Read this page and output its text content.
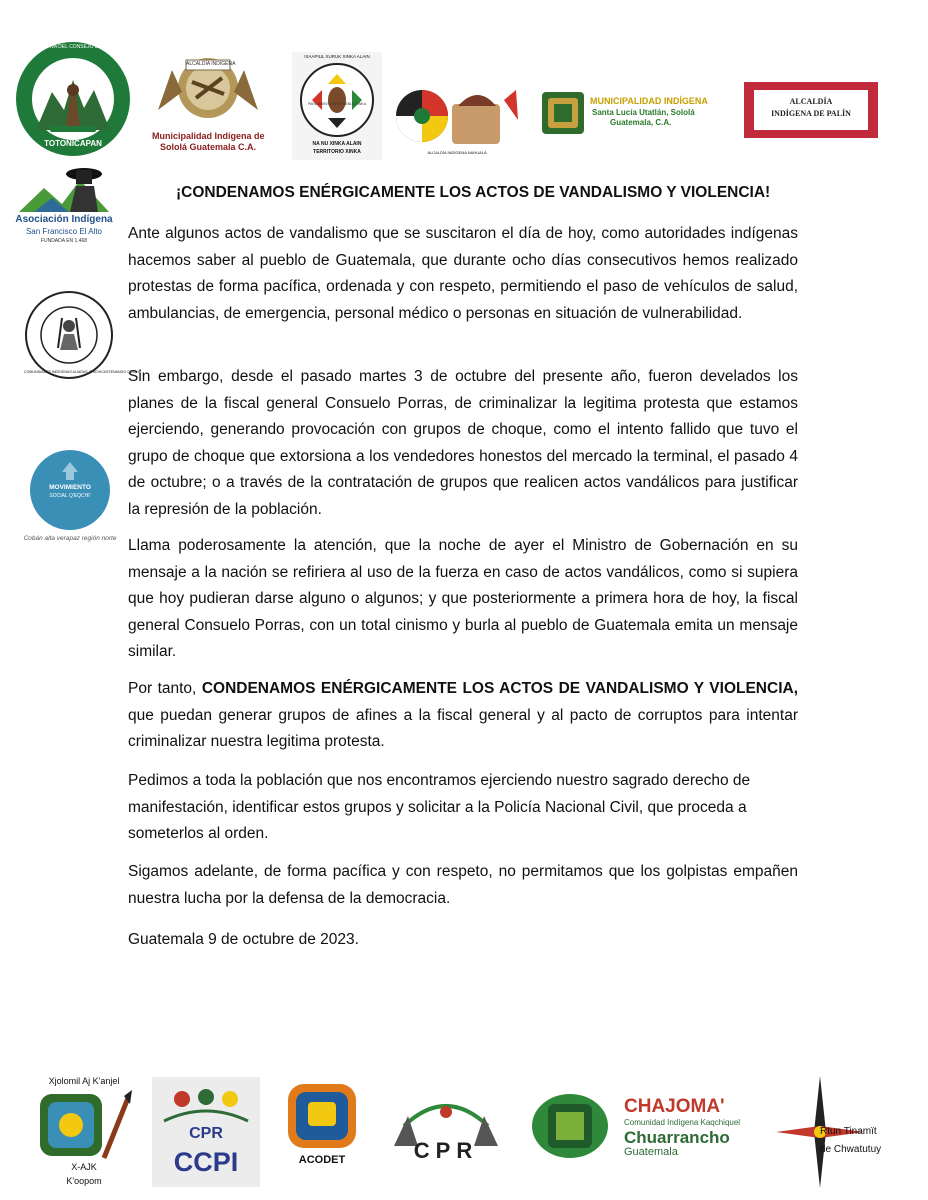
JUNTA DIRECTIVA DEL CONSEJO DE ALCALDES COMUNALES 48 CANTONES
TOTONICAPAN
ALCALDÍA INDÍGENA
Municipalidad Indígena de
Sololá Guatemala C.A.
IXAAPIUL XURUK XINKA ALAIN
PARLAMENTO DEL PUEBLO XINKA
NA NU XINKA ALAIN
TERRITORIO XINKA	ALCALDÍA INDÍGENA NAHUALÁ
MUNICIPALIDAD INDÍGENA
Santa Lucía Utatlán, Sololá
Guatemala, C.A.
ALCALDÍA
INDÍGENA DE PALÍN
Asociación Indígena
San Francisco El Alto
FUNDADA EN 1.468
COMUNIDADES INDÍGENAS ALIADAS CHICHICASTENANGO QUICHÉ
MOVIMIENTO
SOCIAL Q'EQCHI'
Cobán alta verapaz región norte
¡CONDENAMOS ENÉRGICAMENTE LOS ACTOS DE VANDALISMO Y VIOLENCIA!

Ante algunos actos de vandalismo que se suscitaron el día de hoy, como autoridades indígenas hacemos saber al pueblo de Guatemala, que durante ocho días consecutivos hemos realizado protestas de forma pacífica, ordenada y con respeto, permitiendo el paso de vehículos de salud, ambulancias, de emergencia, personal médico o personas en situación de vulnerabilidad.

Sin embargo, desde el pasado martes 3 de octubre del presente año, fueron develados los planes de la fiscal general Consuelo Porras, de criminalizar la legitima protesta que estamos ejerciendo, generando provocación con grupos de choque, como el intento fallido que tuvo el grupo de choque que extorsiona a los vendedores honestos del mercado la terminal, el pasado 4 de octubre; o a través de la contratación de grupos que realicen actos vandálicos para justificar la represión de la población.

Llama poderosamente la atención, que la noche de ayer el Ministro de Gobernación en su mensaje a la nación se refiriera al uso de la fuerza en caso de actos vandálicos, como si supiera que hoy pudieran darse alguno o algunos; y que posteriormente a primera hora de hoy, la fiscal general Consuelo Porras, con un total cinismo y burla al pueblo de Guatemala emita un mensaje similar.

Por tanto, CONDENAMOS ENÉRGICAMENTE LOS ACTOS DE VANDALISMO Y VIOLENCIA, que puedan generar grupos de afines a la fiscal general y al pacto de corruptos para intentar criminalizar nuestra legitima protesta.

Pedimos a toda la población que nos encontramos ejerciendo nuestro sagrado derecho de manifestación, identificar estos grupos y solicitar a la Policía Nacional Civil, que proceda a someterlos al orden.

Sigamos adelante, de forma pacífica y con respeto, no permitamos que los golpistas empañen nuestra lucha por la defensa de la democracia.

Guatemala 9 de octubre de 2023.

Xjolomil Aj K'anjel
X-AJK
K'oopom
CPR
CCPI	ACODET	CPR
CHAJOMA'
Comunidad Indígena Kaqchiquel
Chuarrancho
Guatemala
Rtun Tinamït
de Chwatutuy
